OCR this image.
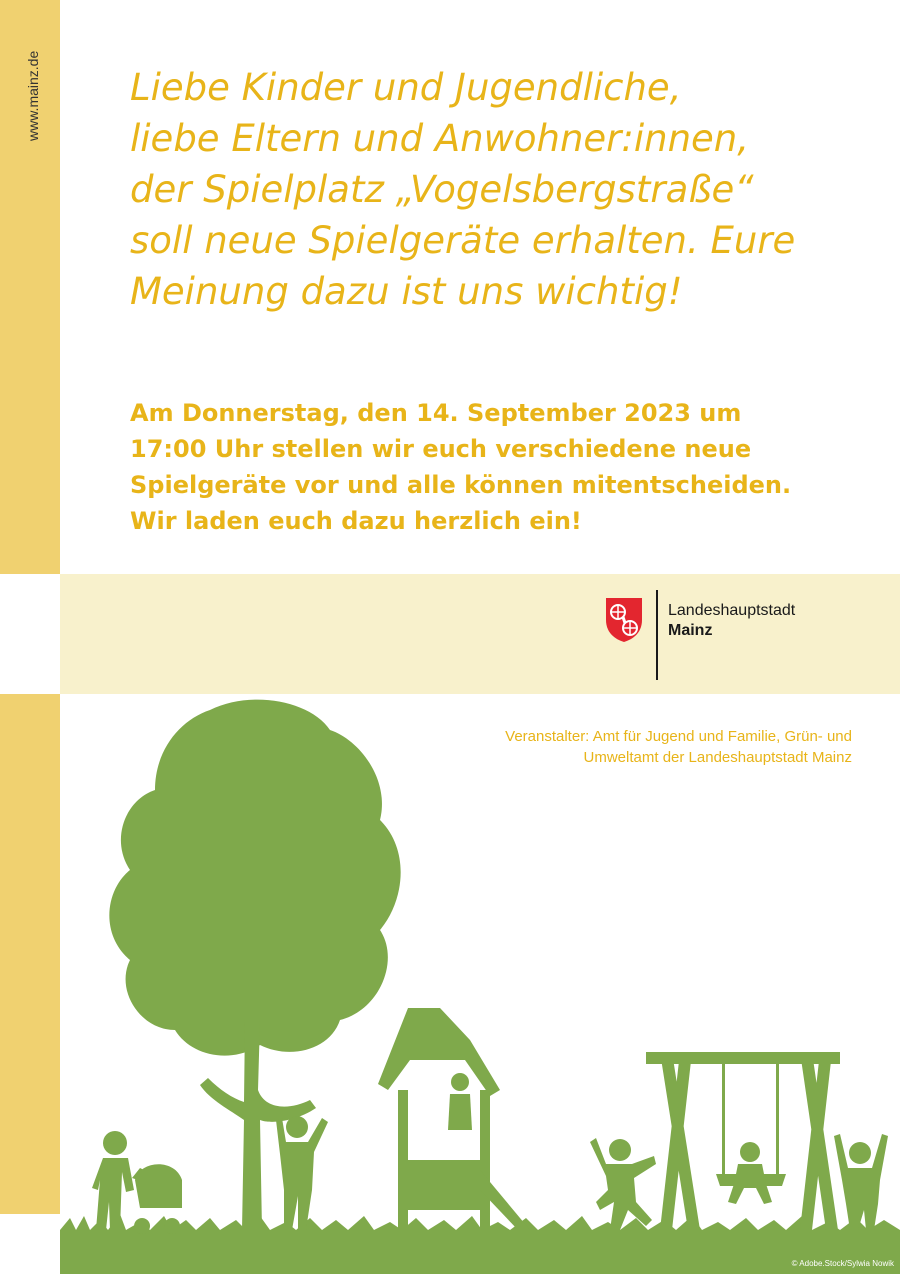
Liebe Kinder und Jugendliche,
liebe Eltern und Anwohner:innen,
der Spielplatz „Vogelsbergstraße“
soll neue Spielgeräte erhalten. Eure
Meinung dazu ist uns wichtig!
Am Donnerstag, den 14. September 2023 um
17:00 Uhr stellen wir euch verschiedene neue
Spielgeräte vor und alle können mitentscheiden.
Wir laden euch dazu herzlich ein!
Landeshauptstadt
Mainz
Veranstalter: Amt für Jugend und Familie, Grün- und
Umweltamt der Landeshauptstadt Mainz
© Adobe.Stock/Sylwia Nowik
